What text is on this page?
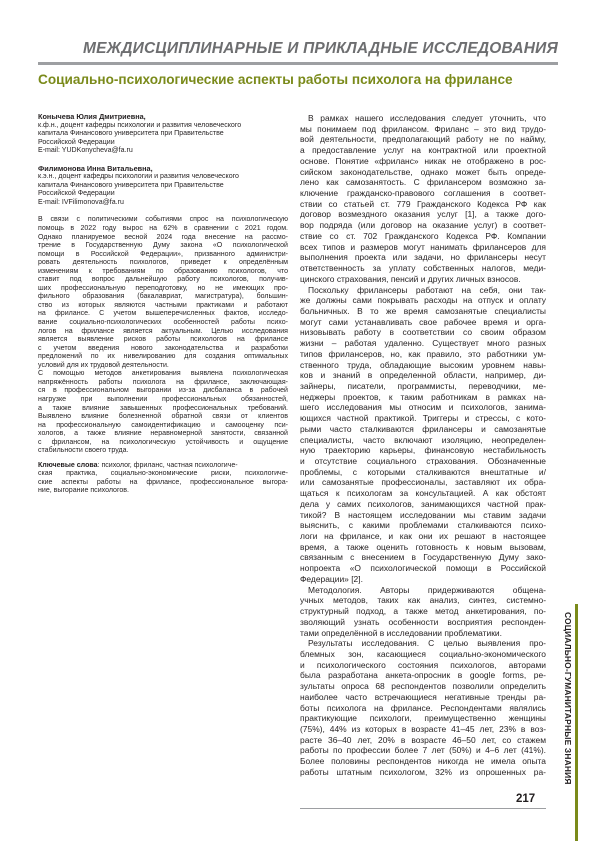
МЕЖДИСЦИПЛИНАРНЫЕ И ПРИКЛАДНЫЕ ИССЛЕДОВАНИЯ
Социально-психологические аспекты работы психолога на фрилансе
Конычева Юлия Дмитриевна,
к.ф.н., доцент кафедры психологии и развития человеческого
капитала Финансового университета при Правительстве
Российской Федерации
E-mail: YUDKonycheva@fa.ru
Филимонова Инна Витальевна,
к.э.н., доцент кафедры психологии и развития человеческого
капитала Финансового университета при Правительстве
Российской Федерации
E-mail: IVFilimonova@fa.ru
В связи с политическими событиями спрос на психологическую
помощь в 2022 году вырос на 62% в сравнении с 2021 годом.
Однако планируемое весной 2024 года внесение на рассмо-
трение в Государственную Думу закона «О психологической
помощи в Российской Федерации», призванного администри-
ровать деятельность психологов, приведет к определённым
изменениям к требованиям по образованию психологов, что
ставит под вопрос дальнейшую работу психологов, получив-
ших профессиональную переподготовку, но не имеющих про-
фильного образования (бакалавриат, магистратура), большин-
ство из которых являются частными практиками и работают
на фрилансе. С учетом вышеперечисленных фактов, исследо-
вание социально-психологических особенностей работы психо-
логов на фрилансе является актуальным. Целью исследования
является выявление рисков работы психологов на фрилансе
с учетом введения нового законодательства и разработки
предложений по их нивелированию для создания оптимальных
условий для их трудовой деятельности.
С помощью методов анкетирования выявлена психологическая
напряжённость работы психолога на фрилансе, заключающая-
ся в профессиональном выгорании из-за дисбаланса в рабочей
нагрузке при выполнении профессиональных обязанностей,
а также влияние завышенных профессиональных требований.
Выявлено влияние болезненной обратной связи от клиентов
на профессиональную самоидентификацию и самооценку пси-
хологов, а также влияние неравномерной занятости, связанной
с фрилансом, на психологическую устойчивость и ощущение
стабильности своего труда.
Ключевые слова: психолог, фриланс, частная психологиче-
ская практика, социально-экономические риски, психологиче-
ские аспекты работы на фрилансе, профессиональное выгора-
ние, выгорание психологов.
В рамках нашего исследования следует уточнить, что
мы понимаем под фрилансом. Фриланс – это вид трудо-
вой деятельности, предполагающий работу не по найму,
а предоставление услуг на контрактной или проектной
основе. Понятие «фриланс» никак не отображено в рос-
сийском законодательстве, однако может быть опреде-
лено как самозанятость. С фрилансером возможно за-
ключение гражданско-правового соглашения в соответ-
ствии со статьей ст. 779 Гражданского Кодекса РФ как
договор возмездного оказания услуг [1], а также дого-
вор подряда (или договор на оказание услуг) в соответ-
ствие со ст. 702 Гражданского Кодекса РФ. Компании
всех типов и размеров могут нанимать фрилансеров для
выполнения проекта или задачи, но фрилансеры несут
ответственность за уплату собственных налогов, меди-
цинского страхования, пенсий и других личных взносов.
Поскольку фрилансеры работают на себя, они так-
же должны сами покрывать расходы на отпуск и оплату
больничных. В то же время самозанятые специалисты
могут сами устанавливать свое рабочее время и орга-
низовывать работу в соответствии со своим образом
жизни – работая удаленно. Существует много разных
типов фрилансеров, но, как правило, это работники ум-
ственного труда, обладающие высоким уровнем навы-
ков и знаний в определенной области, например, ди-
зайнеры, писатели, программисты, переводчики, ме-
неджеры проектов, к таким работникам в рамках на-
шего исследования мы относим и психологов, занима-
ющихся частной практикой. Триггеры и стрессы, с кото-
рыми часто сталкиваются фрилансеры и самозанятые
специалисты, часто включают изоляцию, неопределен-
ную траекторию карьеры, финансовую нестабильность
и отсутствие социального страхования. Обозначенные
проблемы, с которыми сталкиваются внештатные и/
или самозанятые профессионалы, заставляют их обра-
щаться к психологам за консультацией. А как обстоят
дела у самих психологов, занимающихся частной прак-
тикой? В настоящем исследовании мы ставим задачи
выяснить, с какими проблемами сталкиваются психо-
логи на фрилансе, и как они их решают в настоящее
время, а также оценить готовность к новым вызовам,
связанным с внесением в Государственную Думу зако-
нопроекта «О психологической помощи в Российской
Федерации» [2].
Методология. Авторы придерживаются общена-
учных методов, таких как анализ, синтез, системно-
структурный подход, а также метод анкетирования, по-
зволяющий узнать особенности восприятия респонден-
тами определённой в исследовании проблематики.
Результаты исследования. С целью выявления про-
блемных зон, касающиеся социально-экономического
и психологического состояния психологов, авторами
была разработана анкета-опросник в google forms, ре-
зультаты опроса 68 респондентов позволили определить
наиболее часто встречающиеся негативные тренды ра-
боты психолога на фрилансе. Респондентами являлись
практикующие психологи, преимущественно женщины
(75%), 44% из которых в возрасте 41–45 лет, 23% в воз-
расте 36–40 лет, 20% в возрасте 46–50 лет, со стажем
работы по профессии более 7 лет (50%) и 4–6 лет (41%).
Более половины респондентов никогда не имела опыта
работы штатным психологом, 32% из опрошенных ра- СОЦИАЛЬНО-ГУМАНИТАРНЫЕ ЗНАНИЯ
217
